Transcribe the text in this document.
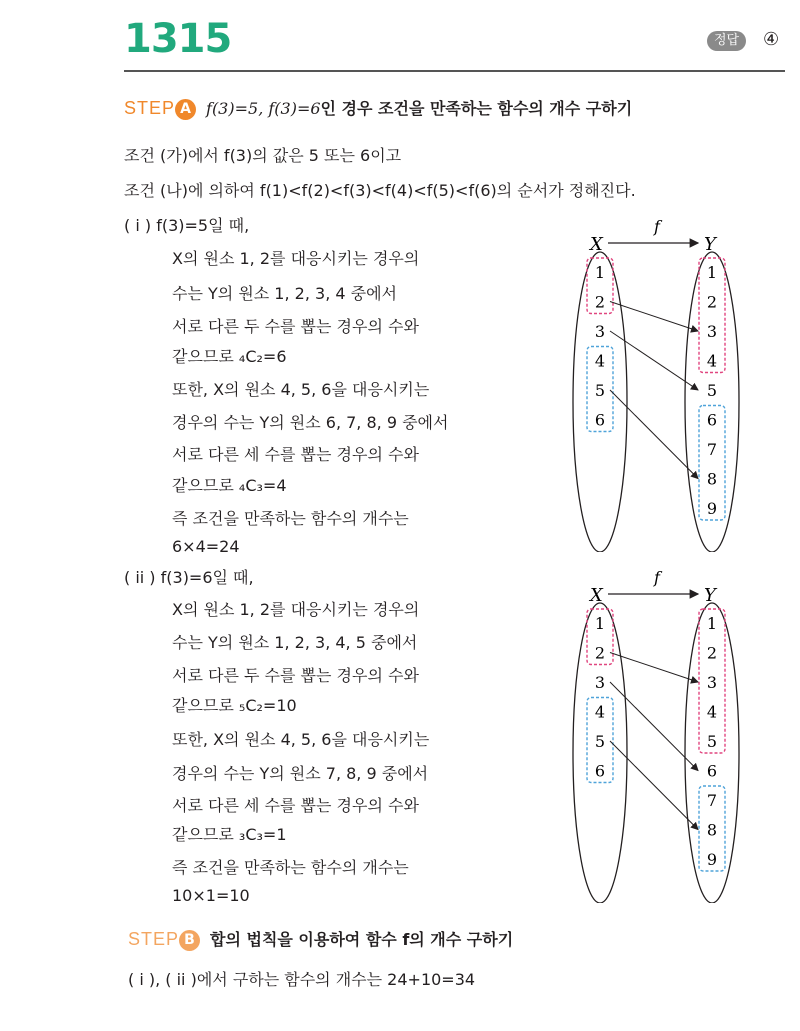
1315	정답	④
STEP A f(3)=5, f(3)=6인 경우 조건을 만족하는 함수의 개수 구하기
조건 (가)에서 f(3)의 값은 5 또는 6이고
조건 (나)에 의하여 f(1)<f(2)<f(3)<f(4)<f(5)<f(6)의 순서가 정해진다.
( i ) f(3)=5일 때,
X의 원소 1, 2를 대응시키는 경우의
수는 Y의 원소 1, 2, 3, 4 중에서
서로 다른 두 수를 뽑는 경우의 수와
같으므로 ₄C₂=6
또한, X의 원소 4, 5, 6을 대응시키는
경우의 수는 Y의 원소 6, 7, 8, 9 중에서
서로 다른 세 수를 뽑는 경우의 수와
같으므로 ₄C₃=4
즉 조건을 만족하는 함수의 개수는
6×4=24
( ii ) f(3)=6일 때,
X의 원소 1, 2를 대응시키는 경우의
수는 Y의 원소 1, 2, 3, 4, 5 중에서
서로 다른 두 수를 뽑는 경우의 수와
같으므로 ₅C₂=10
또한, X의 원소 4, 5, 6을 대응시키는
경우의 수는 Y의 원소 7, 8, 9 중에서
서로 다른 세 수를 뽑는 경우의 수와
같으므로 ₃C₃=1
즉 조건을 만족하는 함수의 개수는
10×1=10
X	Y
f
1
2
3
4
5
6
1
2
3
4
5
6
7
8
9
X	Y
f
1
2
3
4
5
6
1
2
3
4
5
6
7
8
9
STEP B 합의 법칙을 이용하여 함수 f의 개수 구하기
( i ), ( ii )에서 구하는 함수의 개수는 24+10=34
